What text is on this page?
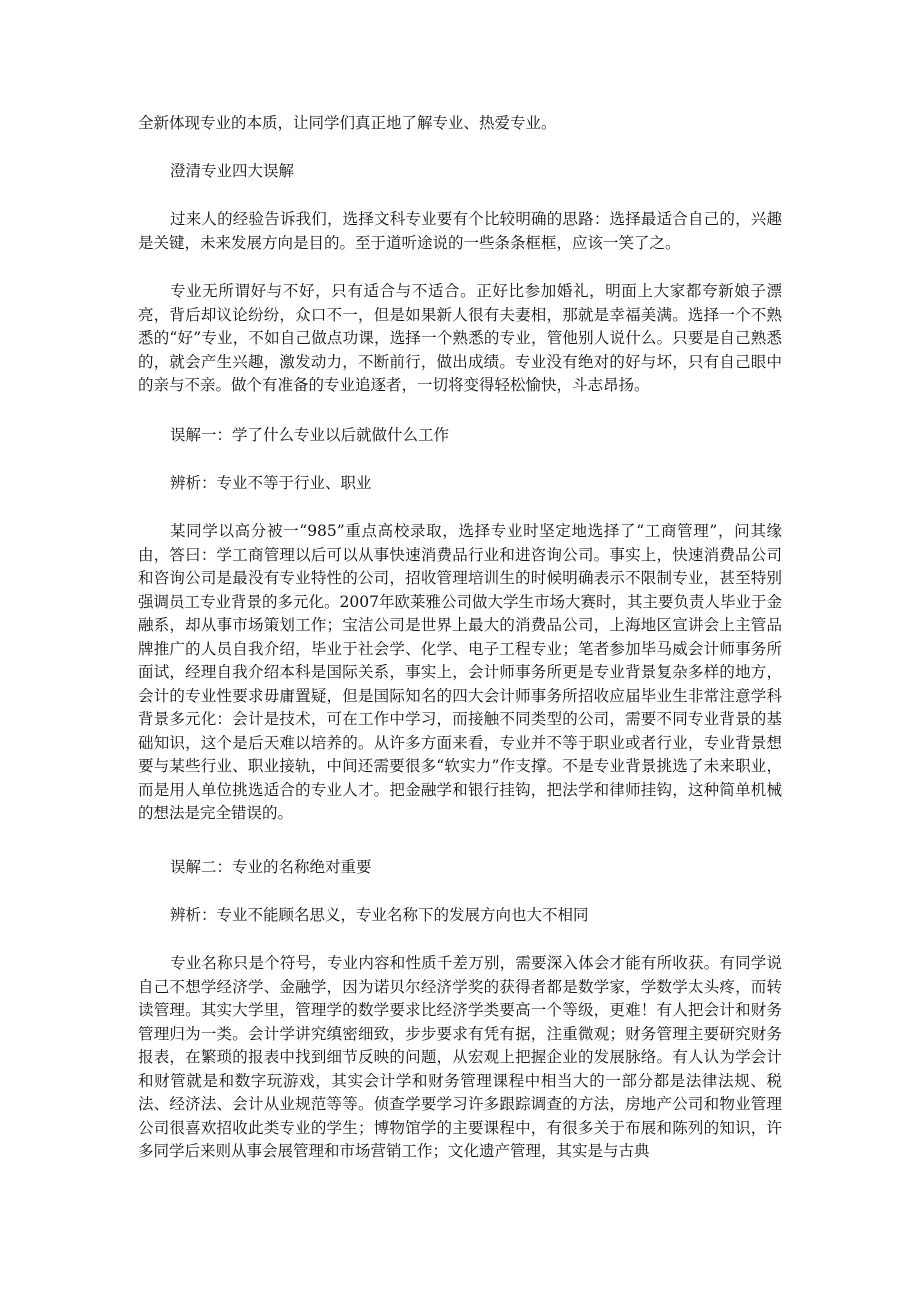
全新体现专业的本质，让同学们真正地了解专业、热爱专业。

澄清专业四大误解

过来人的经验告诉我们，选择文科专业要有个比较明确的思路：选择最适合自己的，兴趣是关键，未来发展方向是目的。至于道听途说的一些条条框框，应该一笑了之。

专业无所谓好与不好，只有适合与不适合。正好比参加婚礼，明面上大家都夸新娘子漂亮，背后却议论纷纷，众口不一，但是如果新人很有夫妻相，那就是幸福美满。选择一个不熟悉的“好”专业，不如自己做点功课，选择一个熟悉的专业，管他别人说什么。只要是自己熟悉的，就会产生兴趣，激发动力，不断前行，做出成绩。专业没有绝对的好与坏，只有自己眼中的亲与不亲。做个有准备的专业追逐者，一切将变得轻松愉快，斗志昂扬。

误解一：学了什么专业以后就做什么工作

辨析：专业不等于行业、职业

某同学以高分被一“985”重点高校录取，选择专业时坚定地选择了“工商管理”，问其缘由，答曰：学工商管理以后可以从事快速消费品行业和进咨询公司。事实上，快速消费品公司和咨询公司是最没有专业特性的公司，招收管理培训生的时候明确表示不限制专业，甚至特别强调员工专业背景的多元化。2007年欧莱雅公司做大学生市场大赛时，其主要负责人毕业于金融系，却从事市场策划工作；宝洁公司是世界上最大的消费品公司，上海地区宣讲会上主管品牌推广的人员自我介绍，毕业于社会学、化学、电子工程专业；笔者参加毕马威会计师事务所面试，经理自我介绍本科是国际关系，事实上，会计师事务所更是专业背景复杂多样的地方，会计的专业性要求毋庸置疑，但是国际知名的四大会计师事务所招收应届毕业生非常注意学科背景多元化：会计是技术，可在工作中学习，而接触不同类型的公司，需要不同专业背景的基础知识，这个是后天难以培养的。从许多方面来看，专业并不等于职业或者行业，专业背景想要与某些行业、职业接轨，中间还需要很多“软实力”作支撑。不是专业背景挑选了未来职业，而是用人单位挑选适合的专业人才。把金融学和银行挂钩，把法学和律师挂钩，这种简单机械的想法是完全错误的。

误解二：专业的名称绝对重要

辨析：专业不能顾名思义，专业名称下的发展方向也大不相同

专业名称只是个符号，专业内容和性质千差万别，需要深入体会才能有所收获。有同学说自己不想学经济学、金融学，因为诺贝尔经济学奖的获得者都是数学家，学数学太头疼，而转读管理。其实大学里，管理学的数学要求比经济学类要高一个等级，更难！有人把会计和财务管理归为一类。会计学讲究缜密细致，步步要求有凭有据，注重微观；财务管理主要研究财务报表，在繁琐的报表中找到细节反映的问题，从宏观上把握企业的发展脉络。有人认为学会计和财管就是和数字玩游戏，其实会计学和财务管理课程中相当大的一部分都是法律法规、税法、经济法、会计从业规范等等。侦查学要学习许多跟踪调查的方法，房地产公司和物业管理公司很喜欢招收此类专业的学生；博物馆学的主要课程中，有很多关于布展和陈列的知识，许多同学后来则从事会展管理和市场营销工作；文化遗产管理，其实是与古典
